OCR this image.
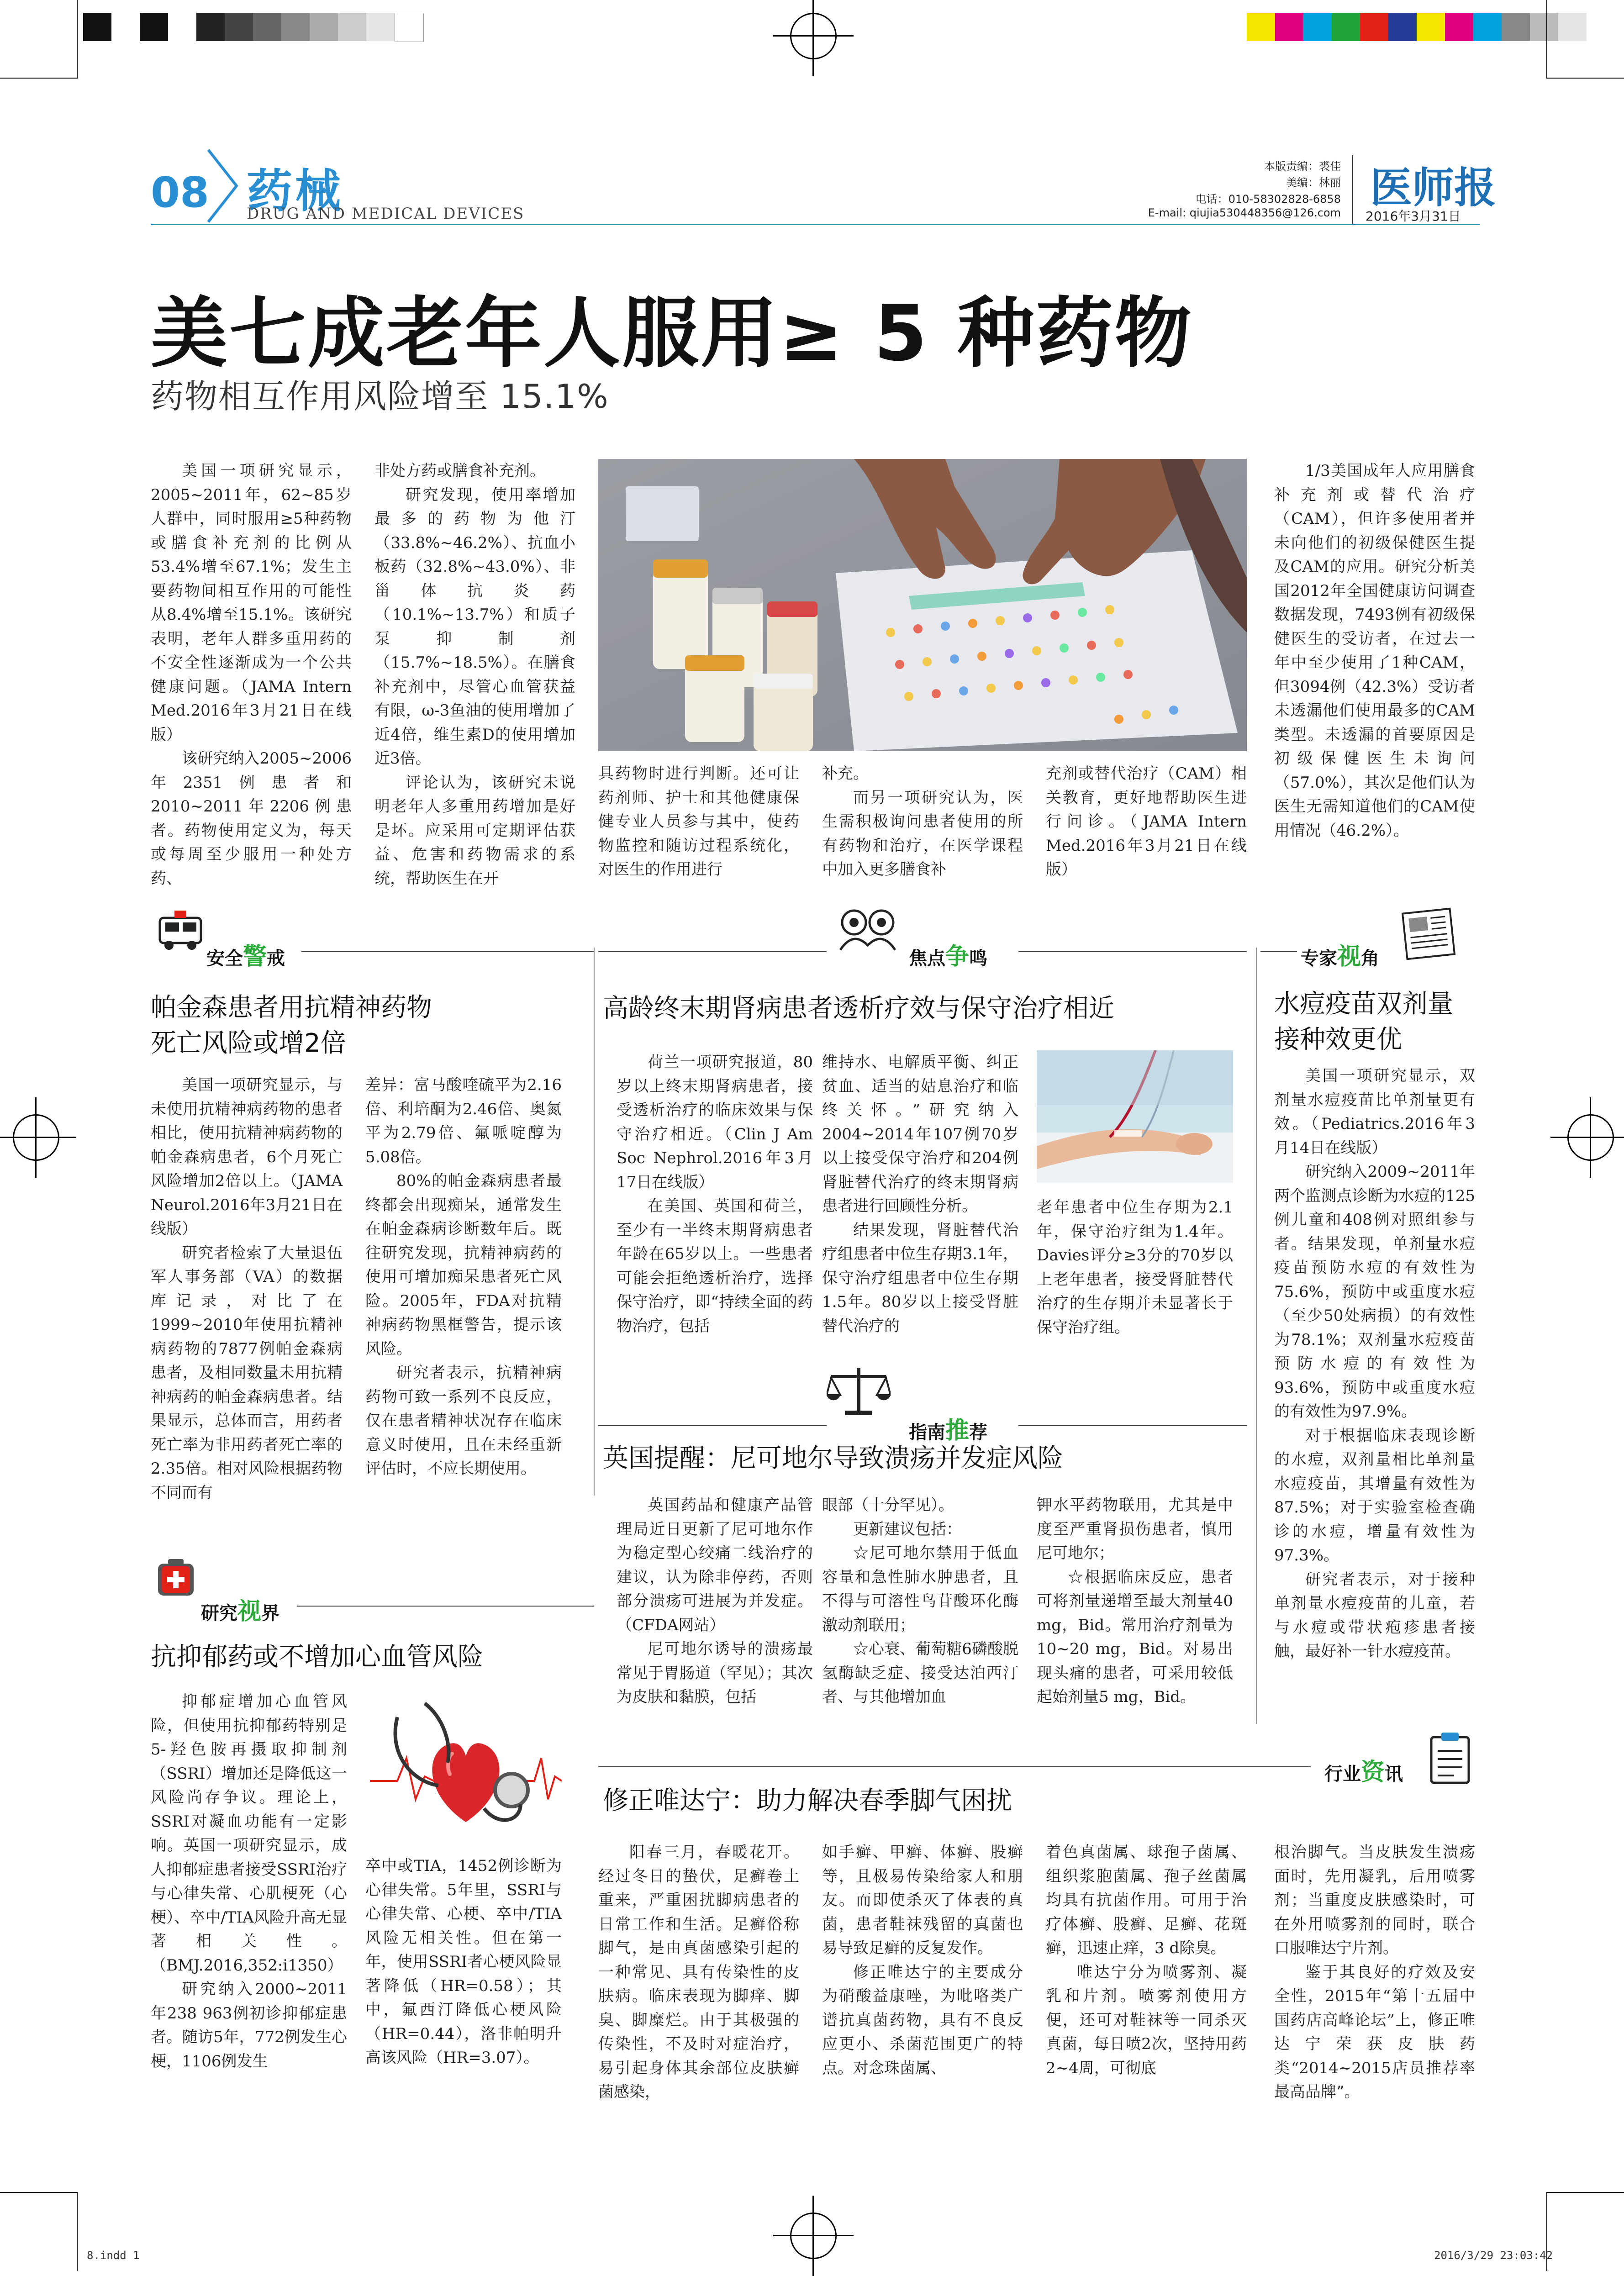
08 药械
DRUG AND MEDICAL DEVICES
本版责编：裘佳
美编：林丽
电话：010-58302828-6858
E-mail: qiujia530448356@126.com
医师报
2016年3月31日
美七成老年人服用≥ 5 种药物
药物相互作用风险增至 15.1%

美国一项研究显示，2005~2011年，62~85岁人群中，同时服用≥5种药物或膳食补充剂的比例从53.4%增至67.1%；发生主要药物间相互作用的可能性从8.4%增至15.1%。该研究表明，老年人群多重用药的不安全性逐渐成为一个公共健康问题。（JAMA Intern Med.2016年3月21日在线版）

该研究纳入2005~2006年2351例患者和2010~2011年2206例患者。药物使用定义为，每天或每周至少服用一种处方药、

非处方药或膳食补充剂。

研究发现，使用率增加最多的药物为他汀（33.8%~46.2%）、抗血小板药（32.8%~43.0%）、非甾体抗炎药（10.1%~13.7%）和质子泵抑制剂（15.7%~18.5%）。在膳食补充剂中，尽管心血管获益有限，ω-3鱼油的使用增加了近4倍，维生素D的使用增加近3倍。

评论认为，该研究未说明老年人多重用药增加是好是坏。应采用可定期评估获益、危害和药物需求的系统，帮助医生在开

具药物时进行判断。还可让药剂师、护士和其他健康保健专业人员参与其中，使药物监控和随访过程系统化，对医生的作用进行

补充。

而另一项研究认为，医生需积极询问患者使用的所有药物和治疗，在医学课程中加入更多膳食补

充剂或替代治疗（CAM）相关教育，更好地帮助医生进行问诊。（JAMA Intern Med.2016年3月21日在线版）

1/3美国成年人应用膳食补充剂或替代治疗（CAM），但许多使用者并未向他们的初级保健医生提及CAM的应用。研究分析美国2012年全国健康访问调查数据发现，7493例有初级保健医生的受访者，在过去一年中至少使用了1种CAM，但3094例（42.3%）受访者未透漏他们使用最多的CAM类型。未透漏的首要原因是初级保健医生未询问（57.0%），其次是他们认为医生无需知道他们的CAM使用情况（46.2%）。

安全警戒
帕金森患者用抗精神药物
死亡风险或增2倍

美国一项研究显示，与未使用抗精神病药物的患者相比，使用抗精神病药物的帕金森病患者，6个月死亡风险增加2倍以上。（JAMA Neurol.2016年3月21日在线版）

研究者检索了大量退伍军人事务部（VA）的数据库记录，对比了在1999~2010年使用抗精神病药物的7877例帕金森病患者，及相同数量未用抗精神病药的帕金森病患者。结果显示，总体而言，用药者死亡率为非用药者死亡率的2.35倍。相对风险根据药物不同而有

差异：富马酸喹硫平为2.16倍、利培酮为2.46倍、奥氮平为2.79倍、氟哌啶醇为5.08倍。

80%的帕金森病患者最终都会出现痴呆，通常发生在帕金森病诊断数年后。既往研究发现，抗精神病药的使用可增加痴呆患者死亡风险。2005年，FDA对抗精神病药物黑框警告，提示该风险。

研究者表示，抗精神病药物可致一系列不良反应，仅在患者精神状况存在临床意义时使用，且在未经重新评估时，不应长期使用。

研究视界
抗抑郁药或不增加心血管风险

抑郁症增加心血管风险，但使用抗抑郁药特别是5-羟色胺再摄取抑制剂（SSRI）增加还是降低这一风险尚存争议。理论上，SSRI对凝血功能有一定影响。英国一项研究显示，成人抑郁症患者接受SSRI治疗与心律失常、心肌梗死（心梗）、卒中/TIA风险升高无显著相关性。（BMJ.2016,352:i1350）

研究纳入2000~2011年238 963例初诊抑郁症患者。随访5年，772例发生心梗，1106例发生

卒中或TIA，1452例诊断为心律失常。5年里，SSRI与心律失常、心梗、卒中/TIA风险无相关性。但在第一年，使用SSRI者心梗风险显著降低（HR=0.58）；其中，氟西汀降低心梗风险（HR=0.44），洛非帕明升高该风险（HR=3.07）。

焦点争鸣
高龄终末期肾病患者透析疗效与保守治疗相近

荷兰一项研究报道，80岁以上终末期肾病患者，接受透析治疗的临床效果与保守治疗相近。（Clin J Am Soc Nephrol.2016年3月17日在线版）

在美国、英国和荷兰，至少有一半终末期肾病患者年龄在65岁以上。一些患者可能会拒绝透析治疗，选择保守治疗，即“持续全面的药物治疗，包括

维持水、电解质平衡、纠正贫血、适当的姑息治疗和临终关怀。”研究纳入2004~2014年107例70岁以上接受保守治疗和204例肾脏替代治疗的终末期肾病患者进行回顾性分析。

结果发现，肾脏替代治疗组患者中位生存期3.1年，保守治疗组患者中位生存期1.5年。80岁以上接受肾脏替代治疗的

老年患者中位生存期为2.1年，保守治疗组为1.4年。Davies评分≥3分的70岁以上老年患者，接受肾脏替代治疗的生存期并未显著长于保守治疗组。

指南推荐
英国提醒：尼可地尔导致溃疡并发症风险

英国药品和健康产品管理局近日更新了尼可地尔作为稳定型心绞痛二线治疗的建议，认为除非停药，否则部分溃疡可进展为并发症。（CFDA网站）

尼可地尔诱导的溃疡最常见于胃肠道（罕见）；其次为皮肤和黏膜，包括

眼部（十分罕见）。

更新建议包括：

☆尼可地尔禁用于低血容量和急性肺水肿患者，且不得与可溶性鸟苷酸环化酶激动剂联用；

☆心衰、葡萄糖6磷酸脱氢酶缺乏症、接受达泊西汀者、与其他增加血

钾水平药物联用，尤其是中度至严重肾损伤患者，慎用尼可地尔；

☆根据临床反应，患者可将剂量递增至最大剂量40 mg，Bid。常用治疗剂量为10~20 mg，Bid。对易出现头痛的患者，可采用较低起始剂量5 mg，Bid。

专家视角
水痘疫苗双剂量
接种效更优

美国一项研究显示，双剂量水痘疫苗比单剂量更有效。（Pediatrics.2016年3月14日在线版）

研究纳入2009~2011年两个监测点诊断为水痘的125例儿童和408例对照组参与者。结果发现，单剂量水痘疫苗预防水痘的有效性为75.6%，预防中或重度水痘（至少50处病损）的有效性为78.1%；双剂量水痘疫苗预防水痘的有效性为93.6%，预防中或重度水痘的有效性为97.9%。

对于根据临床表现诊断的水痘，双剂量相比单剂量水痘疫苗，其增量有效性为87.5%；对于实验室检查确诊的水痘，增量有效性为97.3%。

研究者表示，对于接种单剂量水痘疫苗的儿童，若与水痘或带状疱疹患者接触，最好补一针水痘疫苗。

行业资讯
修正唯达宁：助力解决春季脚气困扰

阳春三月，春暖花开。经过冬日的蛰伏，足癣卷土重来，严重困扰脚病患者的日常工作和生活。足癣俗称脚气，是由真菌感染引起的一种常见、具有传染性的皮肤病。临床表现为脚痒、脚臭、脚糜烂。由于其极强的传染性，不及时对症治疗，易引起身体其余部位皮肤癣菌感染，

如手癣、甲癣、体癣、股癣等，且极易传染给家人和朋友。而即使杀灭了体表的真菌，患者鞋袜残留的真菌也易导致足癣的反复发作。

修正唯达宁的主要成分为硝酸益康唑，为吡咯类广谱抗真菌药物，具有不良反应更小、杀菌范围更广的特点。对念珠菌属、

着色真菌属、球孢子菌属、组织浆胞菌属、孢子丝菌属均具有抗菌作用。可用于治疗体癣、股癣、足癣、花斑癣，迅速止痒，3 d除臭。

唯达宁分为喷雾剂、凝乳和片剂。喷雾剂使用方便，还可对鞋袜等一同杀灭真菌，每日喷2次，坚持用药2~4周，可彻底

根治脚气。当皮肤发生溃疡面时，先用凝乳，后用喷雾剂；当重度皮肤感染时，可在外用喷雾剂的同时，联合口服唯达宁片剂。

鉴于其良好的疗效及安全性，2015年“第十五届中国药店高峰论坛”上，修正唯达宁荣获皮肤药类“2014~2015店员推荐率最高品牌”。

8.indd 1	2016/3/29 23:03:42
